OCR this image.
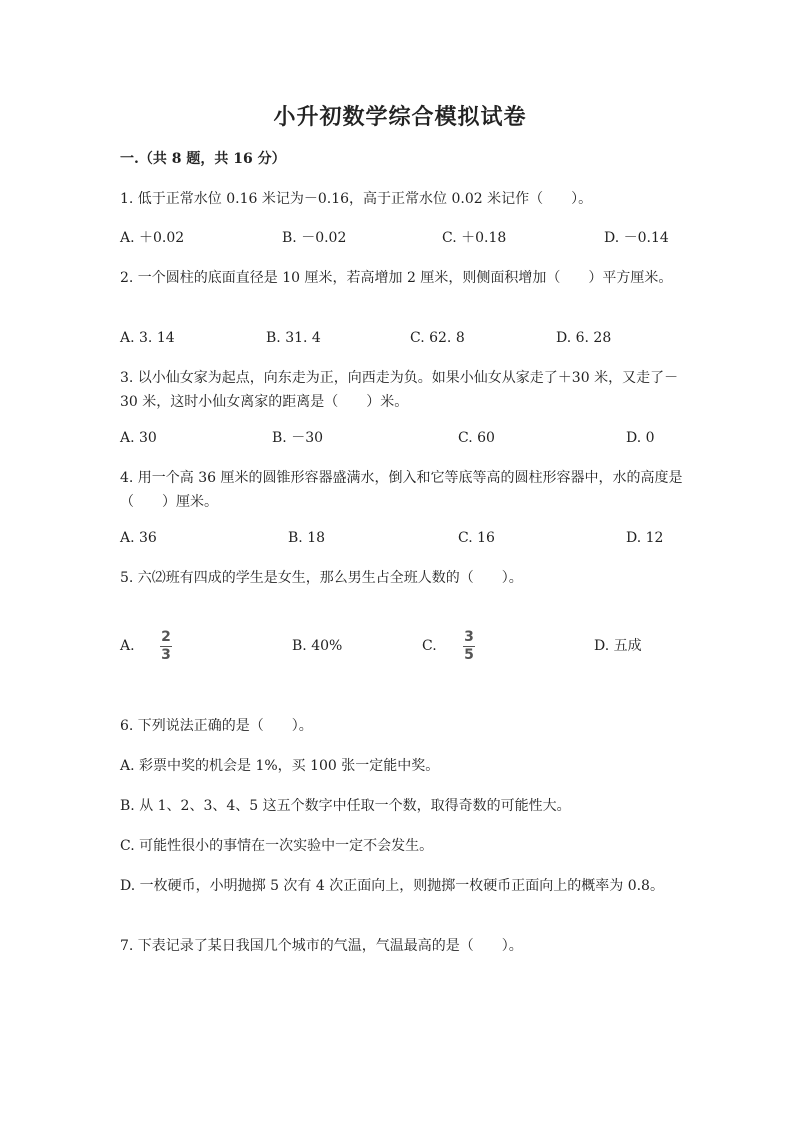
小升初数学综合模拟试卷
一.（共 8 题，共 16 分）
1. 低于正常水位 0.16 米记为－0.16，高于正常水位 0.02 米记作（　　）。
A. ＋0.02	B. －0.02	C. ＋0.18	D. －0.14
2. 一个圆柱的底面直径是 10 厘米，若高增加 2 厘米，则侧面积增加（　　）平方厘米。
A. 3. 14	B. 31. 4	C. 62. 8	D. 6. 28
3. 以小仙女家为起点，向东走为正，向西走为负。如果小仙女从家走了＋30 米，又走了－30 米，这时小仙女离家的距离是（　　）米。
A. 30	B. －30	C. 60	D. 0
4. 用一个高 36 厘米的圆锥形容器盛满水，倒入和它等底等高的圆柱形容器中，水的高度是（　　）厘米。
A. 36	B. 18	C. 16	D. 12
5. 六⑵班有四成的学生是女生，那么男生占全班人数的（　　）。
A.
2
3
B. 40%	C.
3
5
D. 五成
6. 下列说法正确的是（　　）。
A. 彩票中奖的机会是 1%，买 100 张一定能中奖。
B. 从 1、2、3、4、5 这五个数字中任取一个数，取得奇数的可能性大。
C. 可能性很小的事情在一次实验中一定不会发生。
D. 一枚硬币，小明抛掷 5 次有 4 次正面向上，则抛掷一枚硬币正面向上的概率为 0.8。
7. 下表记录了某日我国几个城市的气温，气温最高的是（　　）。
